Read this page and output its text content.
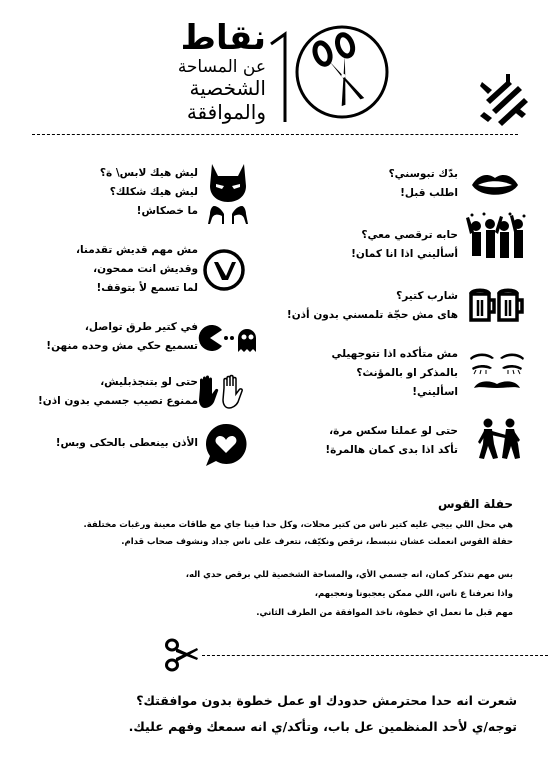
نقاط
عن المساحة
الشخصية
والموافقة
بدّك تبوسني؟
اطلب قبل!
حابه ترقصي معي؟
أسأليني اذا انا كمان!
شارب كتير؟
هاى مش حجّة تلمسني بدون أذن!
مش متأكده اذا تتوجهيلي
بالمذكر او بالمؤنث؟
اسأليني!
حتى لو عملنا سكس مرة،
تأكد اذا بدى كمان هالمرة!
ليش هيك لابس\ ة؟
ليش هيك شكلك؟
ما خصكاش!
مش مهم قديش تقدمنا،
وقديش انت ممحون،
لما تسمع لأ بتوقف!
في كتير طرق تواصل،
تسميع حكي مش وحده منهن!
حتى لو بتنجذبليش،
ممنوع تصيب جسمي بدون اذن!
الأذن بينعطى بالحكى وبس!
حفلة القوس
هي محل اللي بيجي عليه كتير ناس من كتير محلات، وكل حدا فينا جاي مع طاقات معينة ورغبات مختلفة.
حفلة القوس انعملت عشان ننبسط، نرقص ونكيّف، نتعرف على ناس جداد ونشوف صحاب قدام.
بس مهم نتذكر كمان، انه جسمي الأي، والمساحة الشخصية للي برقص حدي اله،
واذا تعرفنا ع ناس، اللي ممكن يعجبونا ونعجبهم،
مهم قبل ما نعمل اي خطوة، ناخذ الموافقة من الطرف الثاني.
شعرت انه حدا محترمش حدودك او عمل خطوة بدون موافقتك؟
توجه/ي لأحد المنظمين عل باب، وتأكد/ي انه سمعك وفهم عليك.
